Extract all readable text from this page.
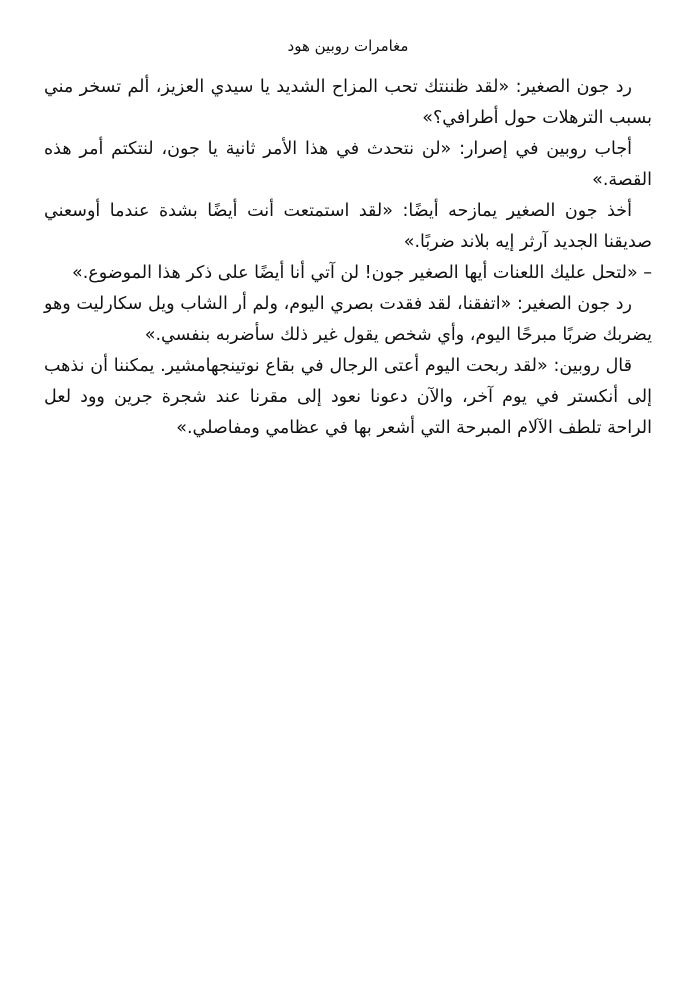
مغامرات روبين هود

رد جون الصغير: «لقد ظننتك تحب المزاح الشديد يا سيدي العزيز، ألم تسخر مني بسبب الترهلات حول أطرافي؟»

أجاب روبين في إصرار: «لن نتحدث في هذا الأمر ثانية يا جون، لنتكتم أمر هذه القصة.»

أخذ جون الصغير يمازحه أيضًا: «لقد استمتعت أنت أيضًا بشدة عندما أوسعني صديقنا الجديد آرثر إيه بلاند ضربًا.»

– «لتحل عليك اللعنات أيها الصغير جون! لن آتي أنا أيضًا على ذكر هذا الموضوع.»

رد جون الصغير: «اتفقنا، لقد فقدت بصري اليوم، ولم أر الشاب ويل سكارليت وهو يضربك ضربًا مبرحًا اليوم، وأي شخص يقول غير ذلك سأضربه بنفسي.»

قال روبين: «لقد ربحت اليوم أعتى الرجال في بقاع نوتينجهامشير. يمكننا أن نذهب إلى أنكستر في يوم آخر، والآن دعونا نعود إلى مقرنا عند شجرة جرين وود لعل الراحة تلطف الآلام المبرحة التي أشعر بها في عظامي ومفاصلي.»
